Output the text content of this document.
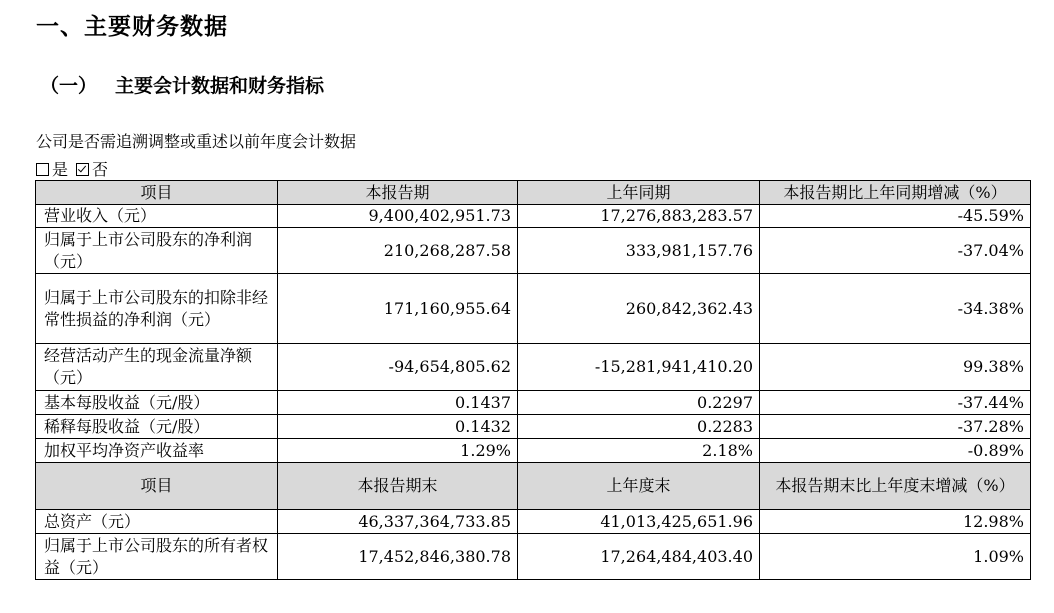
一、主要财务数据
（一） 主要会计数据和财务指标
公司是否需追溯调整或重述以前年度会计数据
是 否
项目	本报告期	上年同期	本报告期比上年同期增减（%）
营业收入（元）	9,400,402,951.73	17,276,883,283.57	-45.59%
归属于上市公司股东的净利润（元）	210,268,287.58	333,981,157.76	-37.04%
归属于上市公司股东的扣除非经常性损益的净利润（元）	171,160,955.64	260,842,362.43	-34.38%
经营活动产生的现金流量净额（元）	-94,654,805.62	-15,281,941,410.20	99.38%
基本每股收益（元/股）	0.1437	0.2297	-37.44%
稀释每股收益（元/股）	0.1432	0.2283	-37.28%
加权平均净资产收益率	1.29%	2.18%	-0.89%
项目	本报告期末	上年度末	本报告期末比上年度末增减（%）
总资产（元）	46,337,364,733.85	41,013,425,651.96	12.98%
归属于上市公司股东的所有者权益（元）	17,452,846,380.78	17,264,484,403.40	1.09%
